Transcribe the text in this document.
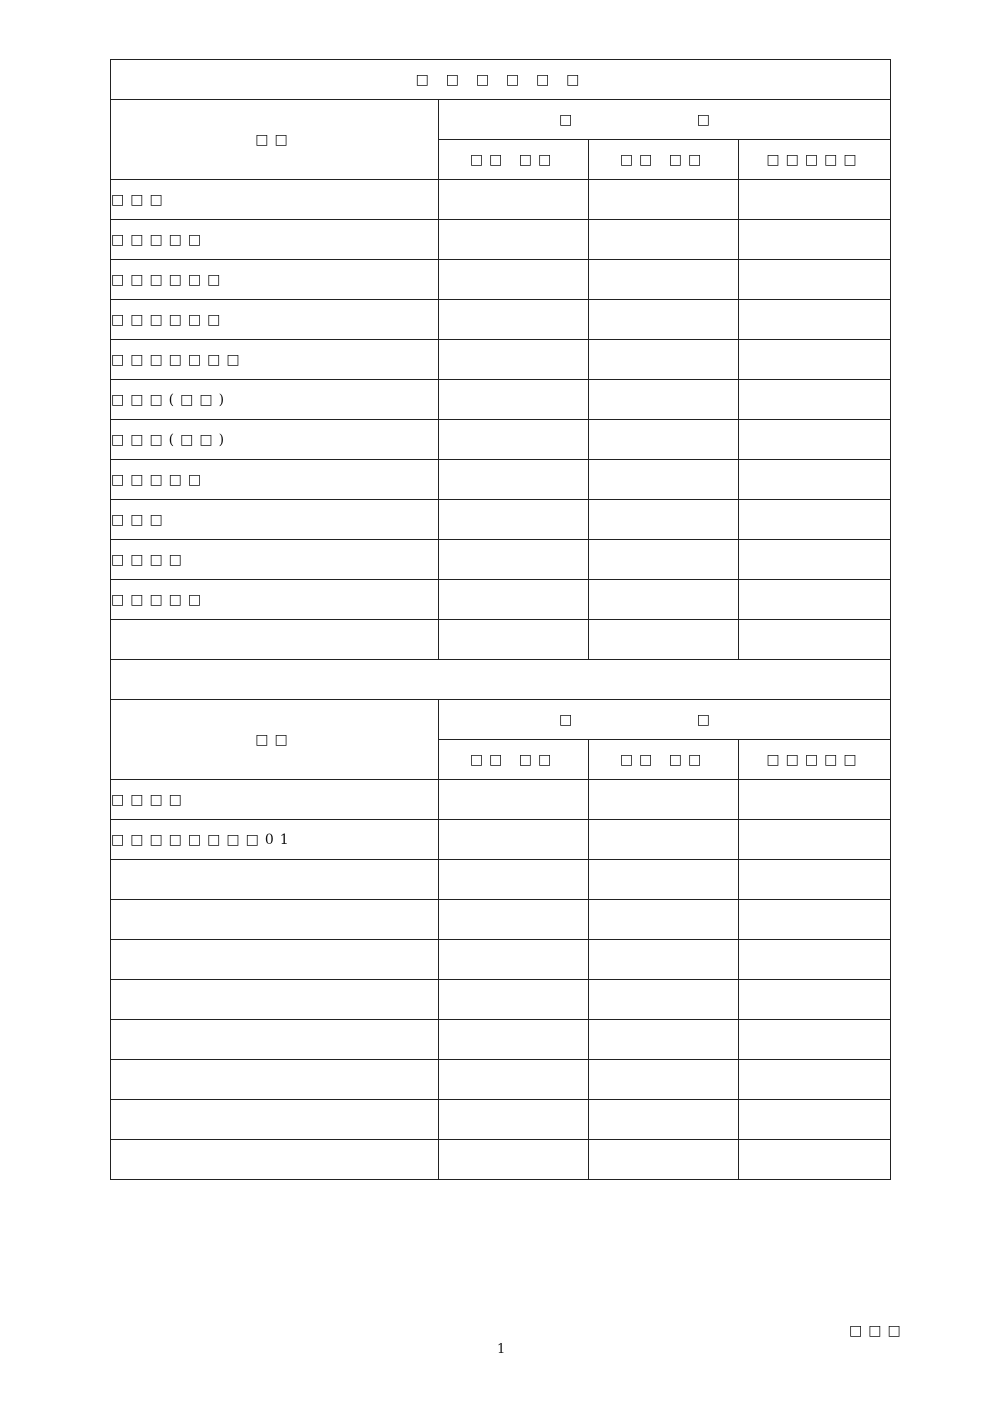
□ □ □ □ □ □			
□□	□ □		
	□□ □□	□□ □□	□□□□□
□□□			
□□□□□			
□□□□□□			
□□□□□□			
□□□□□□□			
□□□(□□)			
□□□(□□)			
□□□□□			
□□□			
□□□□			
□□□□□			

□□	□ □		
	□□ □□	□□ □□	□□□□□
□□□□			
□□□□□□□□01			

□□□
1
